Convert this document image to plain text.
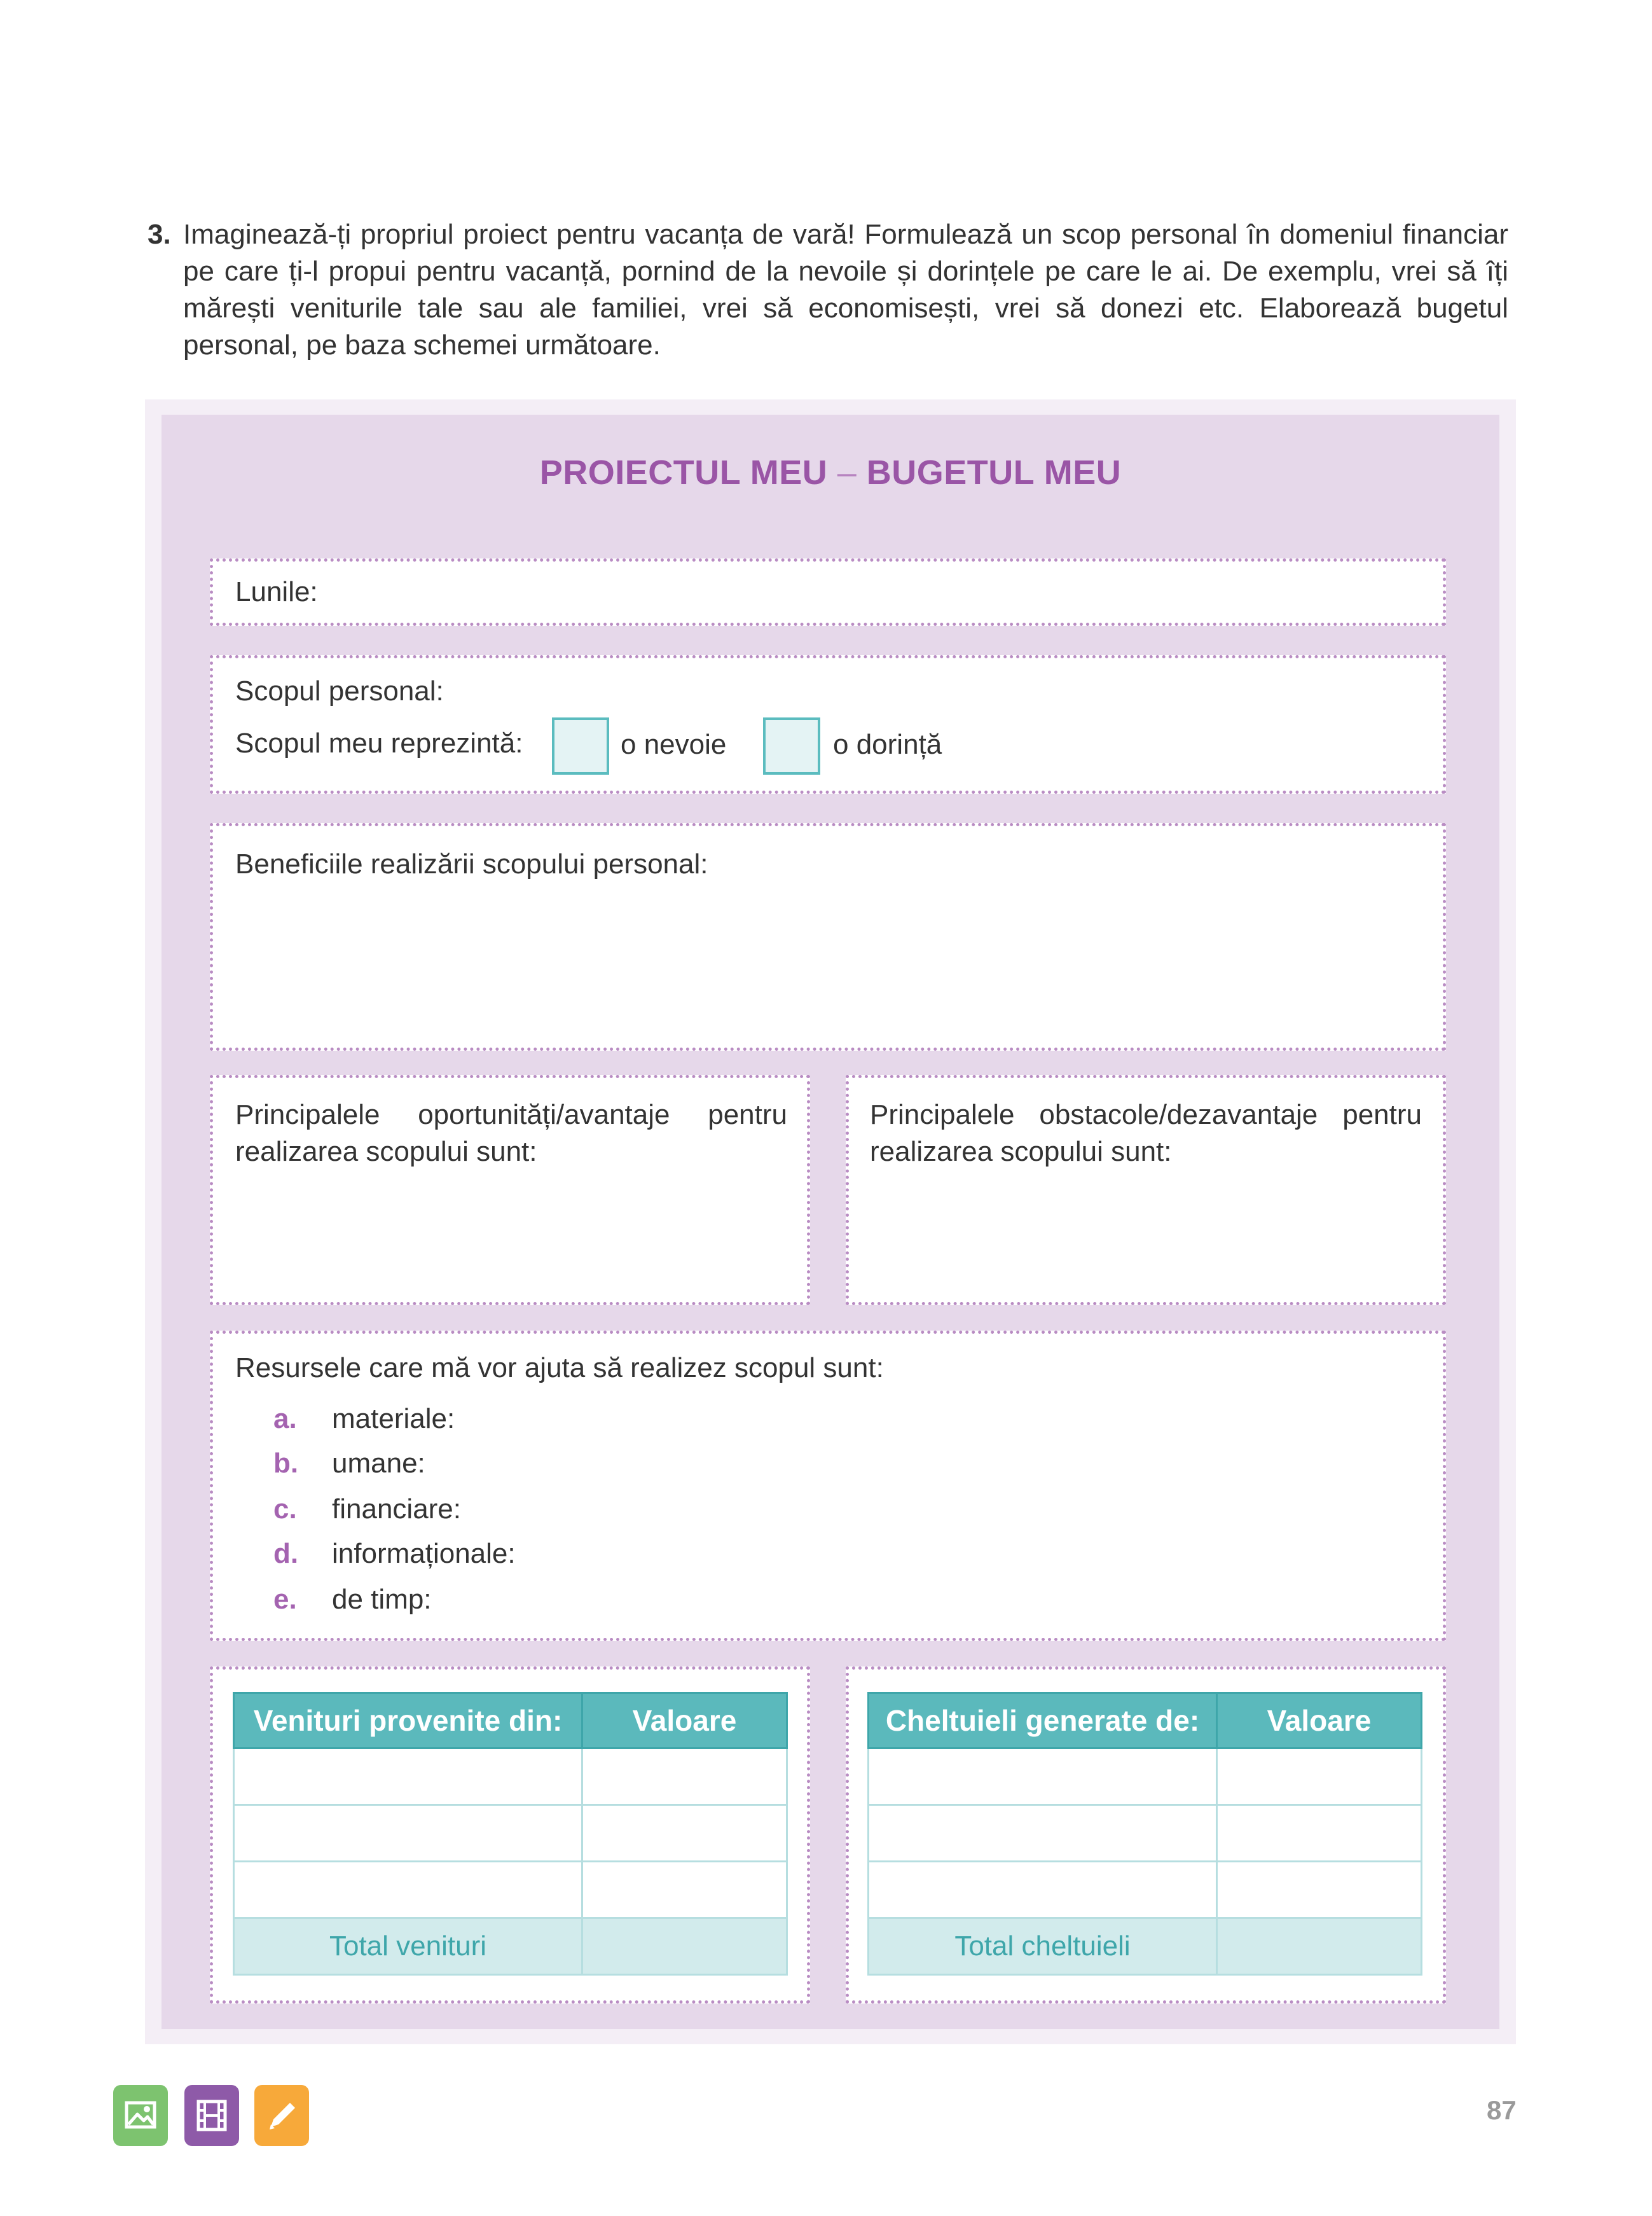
3. Imaginează-ți propriul proiect pentru vacanța de vară! Formulează un scop personal în domeniul financiar pe care ți-l propui pentru vacanță, pornind de la nevoile și dorințele pe care le ai. De exemplu, vrei să îți mărești veniturile tale sau ale familiei, vrei să economisești, vrei să donezi etc. Elaborează bugetul personal, pe baza schemei următoare.
PROIECTUL MEU – BUGETUL MEU
Lunile:
Scopul personal:
Scopul meu reprezintă:	o nevoie	o dorință
Beneficiile realizării scopului personal:
Principalele oportunități/avantaje pentru realizarea scopului sunt:
Principalele obstacole/dezavantaje pentru realizarea scopului sunt:
Resursele care mă vor ajuta să realizez scopul sunt:
a. materiale:
b. umane:
c. financiare:
d. informaționale:
e. de timp:
Venituri provenite din:	Valoare

Total venituri	
Cheltuieli generate de:	Valoare

Total cheltuieli	
87
